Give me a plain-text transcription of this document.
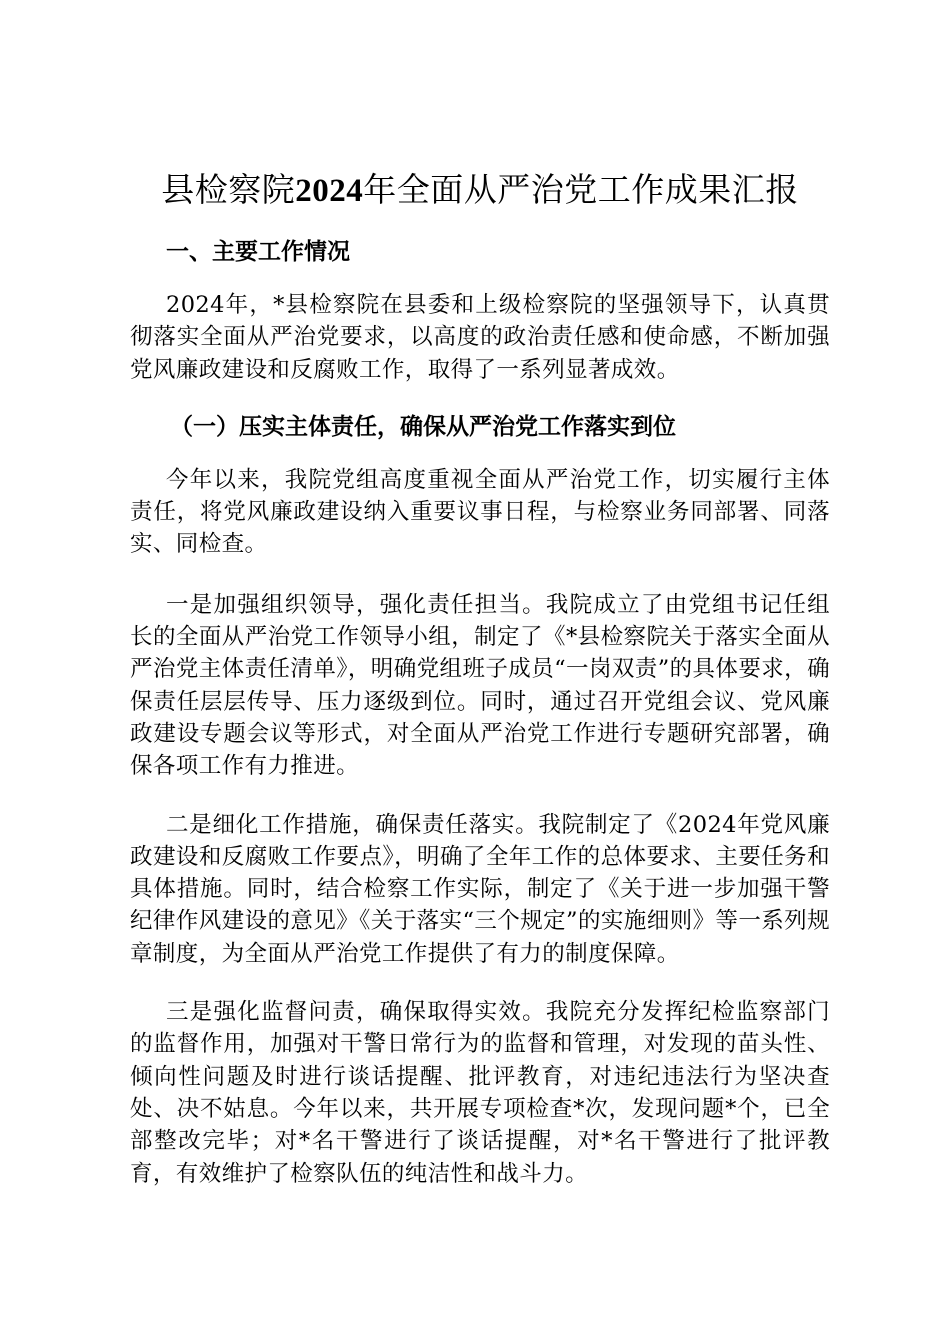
县检察院2024年全面从严治党工作成果汇报
一、主要工作情况

2024年，*县检察院在县委和上级检察院的坚强领导下，认真贯彻落实全面从严治党要求，以高度的政治责任感和使命感，不断加强党风廉政建设和反腐败工作，取得了一系列显著成效。

（一）压实主体责任，确保从严治党工作落实到位

今年以来，我院党组高度重视全面从严治党工作，切实履行主体责任，将党风廉政建设纳入重要议事日程，与检察业务同部署、同落实、同检查。

一是加强组织领导，强化责任担当。我院成立了由党组书记任组长的全面从严治党工作领导小组，制定了《*县检察院关于落实全面从严治党主体责任清单》，明确党组班子成员“一岗双责”的具体要求，确保责任层层传导、压力逐级到位。同时，通过召开党组会议、党风廉政建设专题会议等形式，对全面从严治党工作进行专题研究部署，确保各项工作有力推进。

二是细化工作措施，确保责任落实。我院制定了《2024年党风廉政建设和反腐败工作要点》，明确了全年工作的总体要求、主要任务和具体措施。同时，结合检察工作实际，制定了《关于进一步加强干警纪律作风建设的意见》《关于落实“三个规定”的实施细则》等一系列规章制度，为全面从严治党工作提供了有力的制度保障。

三是强化监督问责，确保取得实效。我院充分发挥纪检监察部门的监督作用，加强对干警日常行为的监督和管理，对发现的苗头性、倾向性问题及时进行谈话提醒、批评教育，对违纪违法行为坚决查处、决不姑息。今年以来，共开展专项检查*次，发现问题*个，已全部整改完毕；对*名干警进行了谈话提醒，对*名干警进行了批评教育，有效维护了检察队伍的纯洁性和战斗力。
